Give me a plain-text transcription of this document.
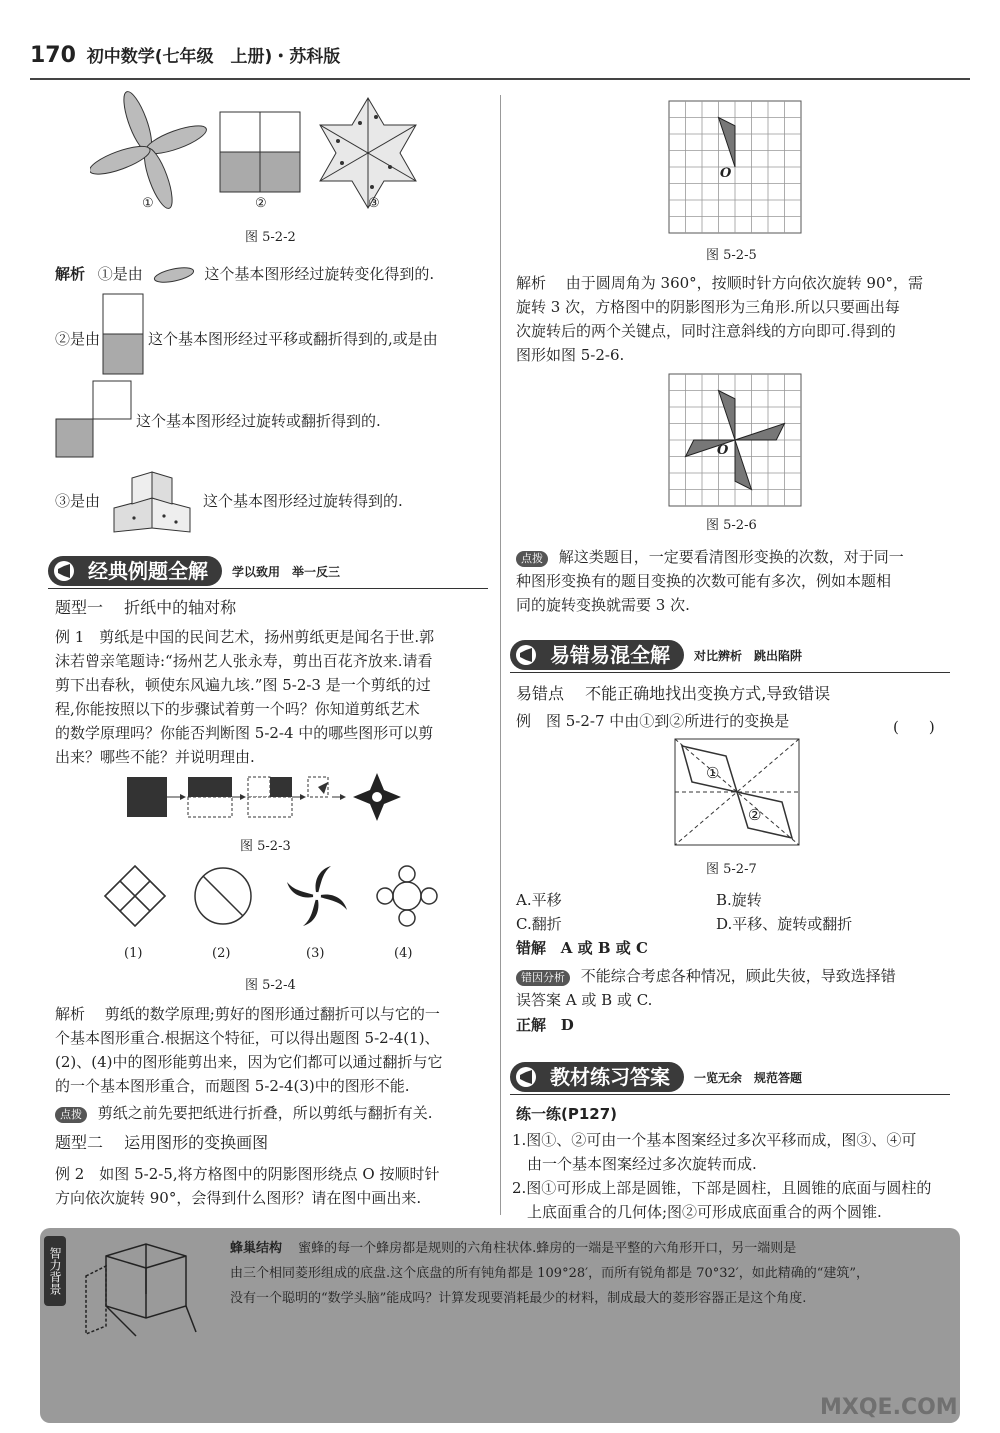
170 初中数学(七年级　上册)・苏科版
①	②	③
图 5-2-2
解析 ①是由	这个基本图形经过旋转变化得到的.
②是由	这个基本图形经过平移或翻折得到的,或是由
这个基本图形经过旋转或翻折得到的.
③是由	这个基本图形经过旋转得到的.
经典例题全解	学以致用　举一反三
题型一　 折纸中的轴对称
例 1　剪纸是中国的民间艺术，扬州剪纸更是闻名于世.郭
沫若曾亲笔题诗:“扬州艺人张永寿，剪出百花齐放来.请看
剪下出春秋，顿使东风遍九垓.”图 5-2-3 是一个剪纸的过
程,你能按照以下的步骤试着剪一个吗？你知道剪纸艺术
的数学原理吗？你能否判断图 5-2-4 中的哪些图形可以剪
出来？哪些不能？并说明理由.
图 5-2-3
(1)	(2)	(3)	(4)
图 5-2-4
解析　 剪纸的数学原理;剪好的图形通过翻折可以与它的一
个基本图形重合.根据这个特征，可以得出题图 5-2-4(1)、
(2)、(4)中的图形能剪出来，因为它们都可以通过翻折与它
的一个基本图形重合，而题图 5-2-4(3)中的图形不能.
点拨 剪纸之前先要把纸进行折叠，所以剪纸与翻折有关.
题型二　 运用图形的变换画图
例 2　如图 5-2-5,将方格图中的阴影图形绕点 O 按顺时针
方向依次旋转 90°，会得到什么图形？请在图中画出来.
O
图 5-2-5
解析　 由于圆周角为 360°，按顺时针方向依次旋转 90°，需
旋转 3 次，方格图中的阴影图形为三角形.所以只要画出每
次旋转后的两个关键点，同时注意斜线的方向即可.得到的
图形如图 5-2-6.
O
图 5-2-6
点拨 解这类题目，一定要看清图形变换的次数，对于同一
种图形变换有的题目变换的次数可能有多次，例如本题相
同的旋转变换就需要 3 次.
易错易混全解	对比辨析　跳出陷阱
易错点　 不能正确地找出变换方式,导致错误
例　图 5-2-7 中由①到②所进行的变换是	(　　)
①
②
图 5-2-7
A.平移	B.旋转
C.翻折	D.平移、旋转或翻折
错解 A 或 B 或 C
错因分析 不能综合考虑各种情况，顾此失彼，导致选择错
误答案 A 或 B 或 C.
正解 D
教材练习答案	一览无余　规范答题
练一练(P127)
1.图①、②可由一个基本图案经过多次平移而成，图③、④可
　由一个基本图案经过多次旋转而成.
2.图①可形成上部是圆锥，下部是圆柱，且圆锥的底面与圆柱的
　上底面重合的几何体;图②可形成底面重合的两个圆锥.
智力背景	蜂巢结构 蜜蜂的每一个蜂房都是规则的六角柱状体.蜂房的一端是平整的六角形开口，另一端则是
由三个相同菱形组成的底盘.这个底盘的所有钝角都是 109°28′，而所有锐角都是 70°32′，如此精确的“建筑”，
没有一个聪明的“数学头脑”能成吗？计算发现要消耗最少的材料，制成最大的菱形容器正是这个角度.
MXQE.COM
